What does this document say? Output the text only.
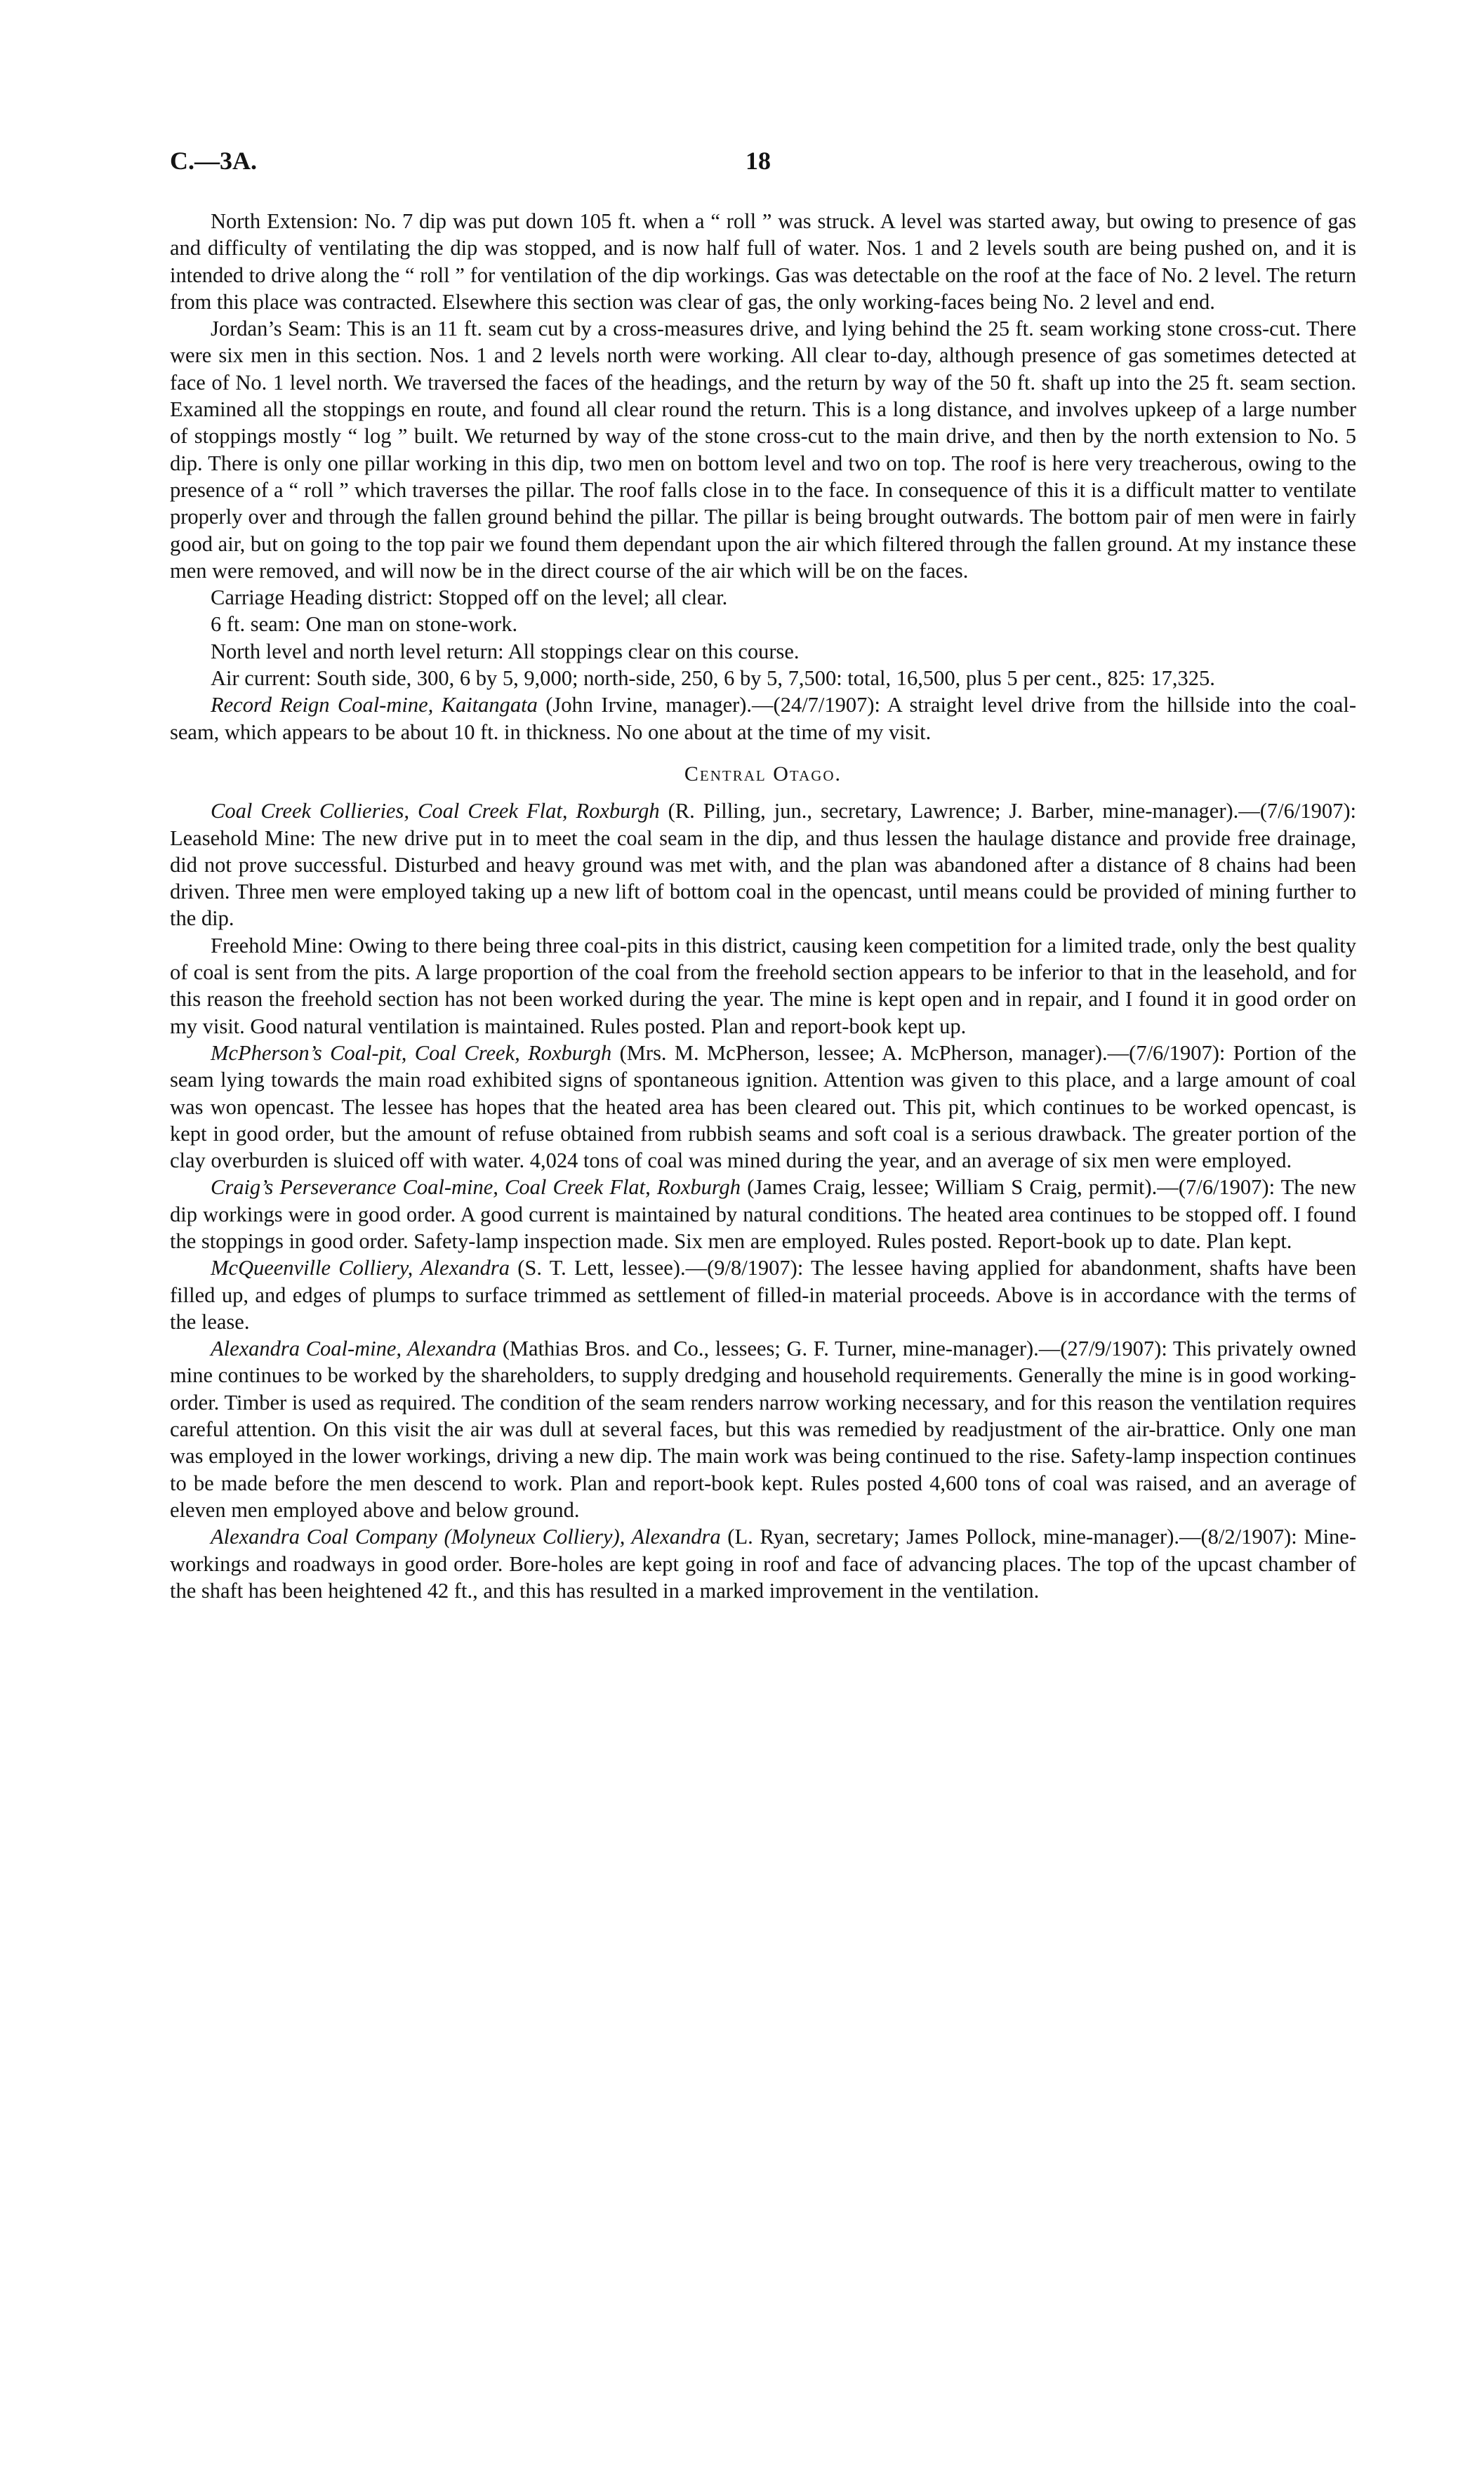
C.—3A.	18

North Extension: No. 7 dip was put down 105 ft. when a “ roll ” was struck. A level was started away, but owing to presence of gas and difficulty of ventilating the dip was stopped, and is now half full of water. Nos. 1 and 2 levels south are being pushed on, and it is intended to drive along the “ roll ” for ventilation of the dip workings. Gas was detectable on the roof at the face of No. 2 level. The return from this place was contracted. Elsewhere this section was clear of gas, the only working-faces being No. 2 level and end.

Jordan’s Seam: This is an 11 ft. seam cut by a cross-measures drive, and lying behind the 25 ft. seam working stone cross-cut. There were six men in this section. Nos. 1 and 2 levels north were working. All clear to-day, although presence of gas sometimes detected at face of No. 1 level north. We traversed the faces of the headings, and the return by way of the 50 ft. shaft up into the 25 ft. seam section. Examined all the stoppings en route, and found all clear round the return. This is a long distance, and involves upkeep of a large number of stoppings mostly “ log ” built. We returned by way of the stone cross-cut to the main drive, and then by the north extension to No. 5 dip. There is only one pillar working in this dip, two men on bottom level and two on top. The roof is here very treacherous, owing to the presence of a “ roll ” which traverses the pillar. The roof falls close in to the face. In consequence of this it is a difficult matter to ventilate properly over and through the fallen ground behind the pillar. The pillar is being brought outwards. The bottom pair of men were in fairly good air, but on going to the top pair we found them dependant upon the air which filtered through the fallen ground. At my instance these men were removed, and will now be in the direct course of the air which will be on the faces.

Carriage Heading district: Stopped off on the level; all clear.

6 ft. seam: One man on stone-work.

North level and north level return: All stoppings clear on this course.

Air current: South side, 300, 6 by 5, 9,000; north-side, 250, 6 by 5, 7,500: total, 16,500, plus 5 per cent., 825: 17,325.

Record Reign Coal-mine, Kaitangata (John Irvine, manager).—(24/7/1907): A straight level drive from the hillside into the coal-seam, which appears to be about 10 ft. in thickness. No one about at the time of my visit.

Central Otago.

Coal Creek Collieries, Coal Creek Flat, Roxburgh (R. Pilling, jun., secretary, Lawrence; J. Barber, mine-manager).—(7/6/1907): Leasehold Mine: The new drive put in to meet the coal seam in the dip, and thus lessen the haulage distance and provide free drainage, did not prove successful. Disturbed and heavy ground was met with, and the plan was abandoned after a distance of 8 chains had been driven. Three men were employed taking up a new lift of bottom coal in the opencast, until means could be provided of mining further to the dip.

Freehold Mine: Owing to there being three coal-pits in this district, causing keen competition for a limited trade, only the best quality of coal is sent from the pits. A large proportion of the coal from the freehold section appears to be inferior to that in the leasehold, and for this reason the freehold section has not been worked during the year. The mine is kept open and in repair, and I found it in good order on my visit. Good natural ventilation is maintained. Rules posted. Plan and report-book kept up.

McPherson’s Coal-pit, Coal Creek, Roxburgh (Mrs. M. McPherson, lessee; A. McPherson, manager).—(7/6/1907): Portion of the seam lying towards the main road exhibited signs of spontaneous ignition. Attention was given to this place, and a large amount of coal was won opencast. The lessee has hopes that the heated area has been cleared out. This pit, which continues to be worked opencast, is kept in good order, but the amount of refuse obtained from rubbish seams and soft coal is a serious drawback. The greater portion of the clay overburden is sluiced off with water. 4,024 tons of coal was mined during the year, and an average of six men were employed.

Craig’s Perseverance Coal-mine, Coal Creek Flat, Roxburgh (James Craig, lessee; William S Craig, permit).—(7/6/1907): The new dip workings were in good order. A good current is maintained by natural conditions. The heated area continues to be stopped off. I found the stoppings in good order. Safety-lamp inspection made. Six men are employed. Rules posted. Report-book up to date. Plan kept.

McQueenville Colliery, Alexandra (S. T. Lett, lessee).—(9/8/1907): The lessee having applied for abandonment, shafts have been filled up, and edges of plumps to surface trimmed as settlement of filled-in material proceeds. Above is in accordance with the terms of the lease.

Alexandra Coal-mine, Alexandra (Mathias Bros. and Co., lessees; G. F. Turner, mine-manager).—(27/9/1907): This privately owned mine continues to be worked by the shareholders, to supply dredging and household requirements. Generally the mine is in good working-order. Timber is used as required. The condition of the seam renders narrow working necessary, and for this reason the ventilation requires careful attention. On this visit the air was dull at several faces, but this was remedied by readjustment of the air-brattice. Only one man was employed in the lower workings, driving a new dip. The main work was being continued to the rise. Safety-lamp inspection continues to be made before the men descend to work. Plan and report-book kept. Rules posted 4,600 tons of coal was raised, and an average of eleven men employed above and below ground.

Alexandra Coal Company (Molyneux Colliery), Alexandra (L. Ryan, secretary; James Pollock, mine-manager).—(8/2/1907): Mine-workings and roadways in good order. Bore-holes are kept going in roof and face of advancing places. The top of the upcast chamber of the shaft has been heightened 42 ft., and this has resulted in a marked improvement in the ventilation.
